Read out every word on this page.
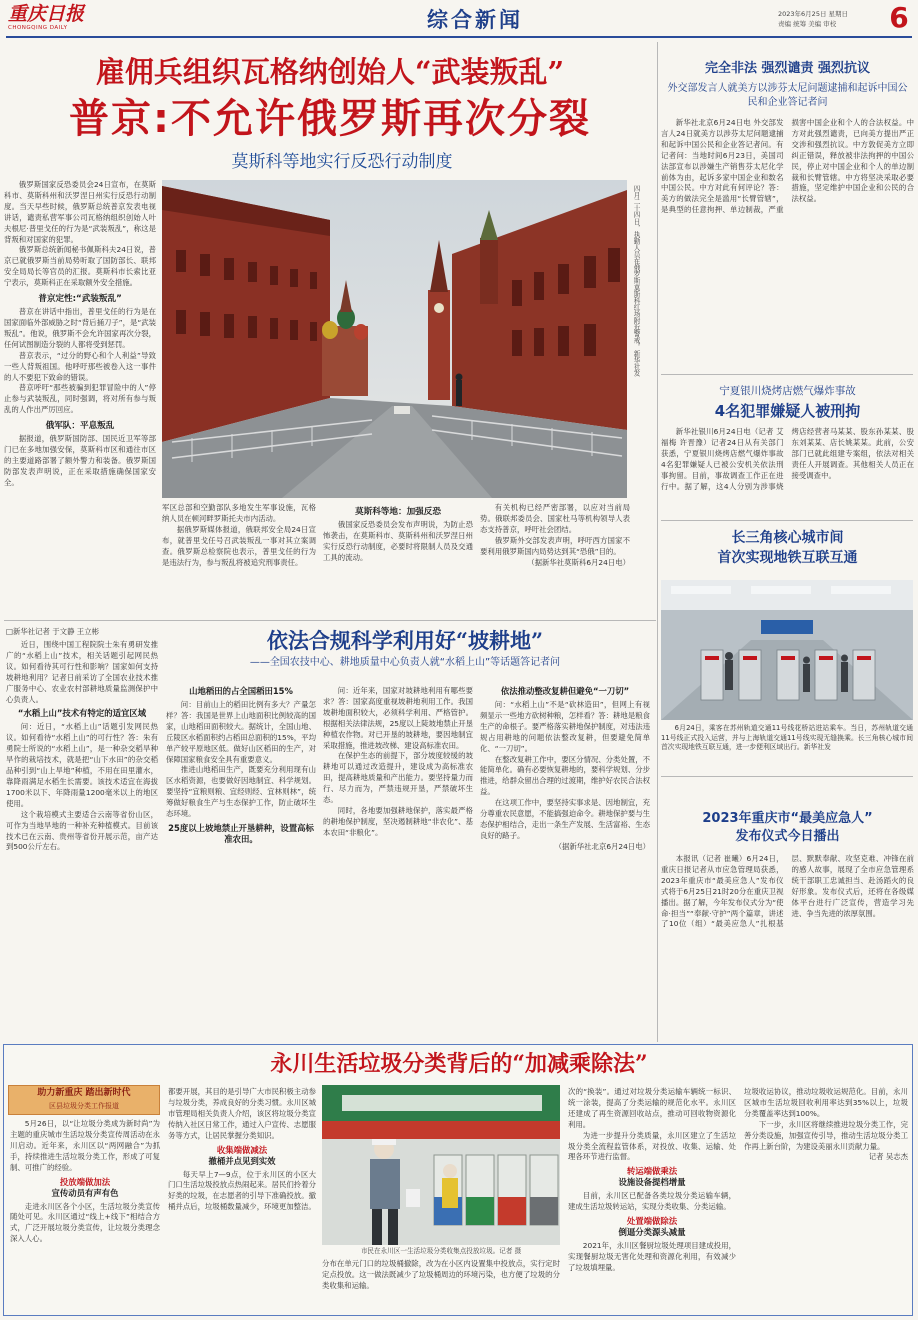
重庆日报
CHONGQING DAILY	综合新闻	2023年6月25日 星期日
责编 统筹 美编 审校	6
雇佣兵组织瓦格纳创始人“武装叛乱”
普京:不允许俄罗斯再次分裂
莫斯科等地实行反恐行动制度
俄罗斯国家反恐委员会24日宣布，在莫斯科市、莫斯科州和沃罗涅日州实行反恐行动制度。当天早些时候，俄罗斯总统普京发表电视讲话，谴责私营军事公司瓦格纳组织创始人叶夫根尼·普里戈任的行为是“武装叛乱”，称这是背叛和对国家的犯罪。
俄罗斯总统新闻秘书佩斯科夫24日说，普京已就俄罗斯当前局势听取了国防部长、联邦安全局局长等官员的汇报。莫斯科市长索比亚宁表示，莫斯科正在采取额外安全措施。
普京定性:“武装叛乱”
普京在讲话中指出，普里戈任的行为是在国家面临外部威胁之时“背后捅刀子”，是“武装叛乱”。他说，俄罗斯不会允许国家再次分裂，任何试图制造分裂的人都将受到惩罚。
普京表示，“过分的野心和个人利益”导致一些人背叛祖国。他呼吁那些被卷入这一事件的人不要犯下致命的错误。
普京呼吁“那些被骗到犯罪冒险中的人”停止参与武装叛乱，同时强调，将对所有参与叛乱的人作出严厉回应。
俄军队：平息叛乱
据报道，俄罗斯国防部、国民近卫军等部门已在多地加强安保，莫斯科市区和通往市区的主要道路部署了额外警力和装备。俄罗斯国防部发表声明说，正在采取措施确保国家安全。
四月二十四日，执勤人员在俄罗斯莫斯科红场附近警戒。新华社发
军区总部和空勤部队多地发生军事设施，瓦格纳人员在顿河畔罗斯托夫市内活动。
据俄罗斯媒体报道，俄联邦安全局24日宣布，就普里戈任号召武装叛乱一事对其立案调查。俄罗斯总检察院也表示，普里戈任的行为是违法行为，参与叛乱将被追究刑事责任。
莫斯科等地：加强反恐
俄国家反恐委员会发布声明说，为防止恐怖袭击，在莫斯科市、莫斯科州和沃罗涅日州实行反恐行动制度，必要时将限制人员及交通工具的流动。
有关机构已经严密部署，以应对当前局势。俄联邦委员会、国家杜马等机构领导人表态支持普京，呼吁社会团结。
俄罗斯外交部发表声明，呼吁西方国家不要利用俄罗斯国内局势达到其“恐俄”目的。
（据新华社莫斯科6月24日电）
完全非法 强烈谴责 强烈抗议
外交部发言人就美方以涉芬太尼问题逮捕和起诉中国公民和企业答记者问
新华社北京6月24日电 外交部发言人24日就美方以涉芬太尼问题逮捕和起诉中国公民和企业答记者问。有记者问：当地时间6月23日，美国司法部宣布以涉嫌生产销售芬太尼化学前体为由，起诉多家中国企业和数名中国公民。中方对此有何评论？答：美方的做法完全是滥用“长臂管辖”，是典型的任意拘押、单边制裁，严重损害中国企业和个人的合法权益。中方对此强烈谴责，已向美方提出严正交涉和强烈抗议。中方敦促美方立即纠正错误，释放被非法拘押的中国公民，停止对中国企业和个人的单边制裁和长臂管辖。中方将坚决采取必要措施，坚定维护中国企业和公民的合法权益。
宁夏银川烧烤店燃气爆炸事故
4名犯罪嫌疑人被刑拘
新华社银川6月24日电（记者 艾福梅 许晋豫）记者24日从有关部门获悉，宁夏银川烧烤店燃气爆炸事故4名犯罪嫌疑人已被公安机关依法刑事拘留。目前，事故调查工作正在进行中。据了解，这4人分别为涉事烧烤店经营者马某某、股东孙某某、股东刘某某、店长姚某某。此前，公安部门已就此组建专案组，依法对相关责任人开展调查。其他相关人员正在接受调查中。
长三角核心城市间
首次实现地铁互联互通
6月24日，乘客在苏州轨道交通11号线花桥站进站乘车。当日，苏州轨道交通11号线正式投入运营，并与上海轨道交通11号线实现无缝换乘。长三角核心城市间首次实现地铁互联互通，进一步便利区域出行。新华社发
2023年重庆市“最美应急人”
发布仪式今日播出
本报讯（记者 崔曦）6月24日，重庆日报记者从市应急管理局获悉，2023年重庆市“最美应急人”发布仪式将于6月25日21时20分在重庆卫视播出。据了解，今年发布仪式分为“使命·担当”“奉献·守护”两个篇章，讲述了10位（组）“最美应急人”扎根基层、默默奉献、攻坚克难、冲锋在前的感人故事，展现了全市应急管理系统干部职工忠诚担当、赴汤蹈火的良好形象。发布仪式后，还将在各级媒体平台进行广泛宣传，营造学习先进、争当先进的浓厚氛围。
□新华社记者 于文静 王立彬	依法合规科学利用好“坡耕地”
——全国农技中心、耕地质量中心负责人就“水稻上山”等话题答记者问
近日，围绕中国工程院院士朱有勇研发推广的“水稻上山”技术，相关话题引起网民热议。如何看待其可行性和影响？国家如何支持坡耕地利用？记者日前采访了全国农业技术推广服务中心、农业农村部耕地质量监测保护中心负责人。
“水稻上山”技术有特定的适宜区域
问：近日，“水稻上山”话题引发网民热议。如何看待“水稻上山”的可行性？答：朱有勇院士所说的“水稻上山”，是一种杂交稻旱种旱作的栽培技术，就是把“山下水田”的杂交稻品种引到“山上旱地”种植，不用在田里灌水，靠降雨满足水稻生长需要。该技术适宜在海拔1700米以下、年降雨量1200毫米以上的地区使用。
这个栽培模式主要适合云南等省份山区，可作为当地旱地的一种补充种植模式。目前该技术已在云南、贵州等省份开展示范，亩产达到500公斤左右。
山地稻田的占全国稻田15%
问：目前山上的稻田比例有多大？产量怎样？答：我国是世界上山地面积比例较高的国家，山地稻田面积较大。据统计，全国山地、丘陵区水稻面积约占稻田总面积的15%，平均单产较平原地区低。做好山区稻田的生产，对保障国家粮食安全具有重要意义。
推进山地稻田生产，既要充分利用现有山区水稻资源，也要做好因地制宜、科学规划。要坚持“宜粮则粮、宜经则经、宜林则林”，统筹做好粮食生产与生态保护工作，防止破坏生态环境。
25度以上坡地禁止开垦耕种，设置高标准农田。
问：近年来，国家对坡耕地利用有哪些要求？答：国家高度重视坡耕地利用工作。我国坡耕地面积较大，必须科学利用、严格管护。根据相关法律法规，25度以上陡坡地禁止开垦种植农作物。对已开垦的坡耕地，要因地制宜采取措施，推进坡改梯、建设高标准农田。
在保护生态的前提下，部分坡度较缓的坡耕地可以通过改造提升，建设成为高标准农田，提高耕地质量和产出能力。要坚持量力而行、尽力而为，严禁违规开垦，严禁破坏生态。
同时，各地要加强耕地保护，落实最严格的耕地保护制度，坚决遏制耕地“非农化”、基本农田“非粮化”。
依法推动整改复耕但避免“一刀切”
问：“水稻上山”不是“砍林造田”，但网上有视频显示一些地方砍树种粮，怎样看？答：耕地是粮食生产的命根子。要严格落实耕地保护制度，对违法违规占用耕地的问题依法整改复耕，但要避免简单化、“一刀切”。
在整改复耕工作中，要区分情况、分类处置，不能简单化。确有必要恢复耕地的，要科学规划、分步推进，给群众留出合理的过渡期，维护好农民合法权益。
在这项工作中，要坚持实事求是、因地制宜，充分尊重农民意愿，不能搞强迫命令。耕地保护要与生态保护相结合，走出一条生产发展、生活富裕、生态良好的路子。
（据新华社北京6月24日电）
永川生活垃圾分类背后的“加减乘除法”
助力新重庆 踏出新时代
区县垃圾分类工作报道
5月26日，以“让垃圾分类成为新时尚”为主题的重庆城市生活垃圾分类宣传周活动在永川启动。近年来，永川区以“两网融合”为抓手，持续推进生活垃圾分类工作，形成了可复制、可推广的经验。
投放端做加法
宣传动员有声有色
走进永川区各个小区，生活垃圾分类宣传随处可见。永川区通过“线上+线下”相结合方式，广泛开展垃圾分类宣传，让垃圾分类理念深入人心。
都要开展，其目的是引导广大市民积极主动参与垃圾分类，养成良好的分类习惯。永川区城市管理局相关负责人介绍，该区将垃圾分类宣传纳入社区日常工作，通过入户宣传、志愿服务等方式，让居民掌握分类知识。
收集端做减法
撤桶并点见到实效
每天早上7—9点，位于永川区的小区大门口生活垃圾投放点热闹起来。居民们拎着分好类的垃圾，在志愿者的引导下准确投放。撤桶并点后，垃圾桶数量减少，环境更加整洁。
市民在永川区一生活垃圾分类收集点投放垃圾。记者 摄
分布在单元门口的垃圾桶撤除，改为在小区内设置集中投放点，实行定时定点投放。这一做法既减少了垃圾桶周边的环境污染，也方便了垃圾的分类收集和运输。
次的“换装”。通过对垃圾分类运输车辆统一标识、统一涂装，提高了分类运输的规范化水平。永川区还建成了再生资源回收站点，推动可回收物资源化利用。
为进一步提升分类质量，永川区建立了生活垃圾分类全流程监管体系，对投放、收集、运输、处理各环节进行监督。
转运端做乘法
设施设备提档增量
目前，永川区已配备各类垃圾分类运输车辆，建成生活垃圾转运站，实现分类收集、分类运输。
处置端做除法
倒逼分类源头减量
2021年，永川区餐厨垃圾处理项目建成投用，实现餐厨垃圾无害化处理和资源化利用，有效减少了垃圾填埋量。
垃圾收运协议，推动垃圾收运规范化。目前，永川区城市生活垃圾回收利用率达到35%以上，垃圾分类覆盖率达到100%。
下一步，永川区将继续推进垃圾分类工作，完善分类设施，加强宣传引导，推动生活垃圾分类工作再上新台阶，为建设美丽永川贡献力量。
记者 吴志杰
